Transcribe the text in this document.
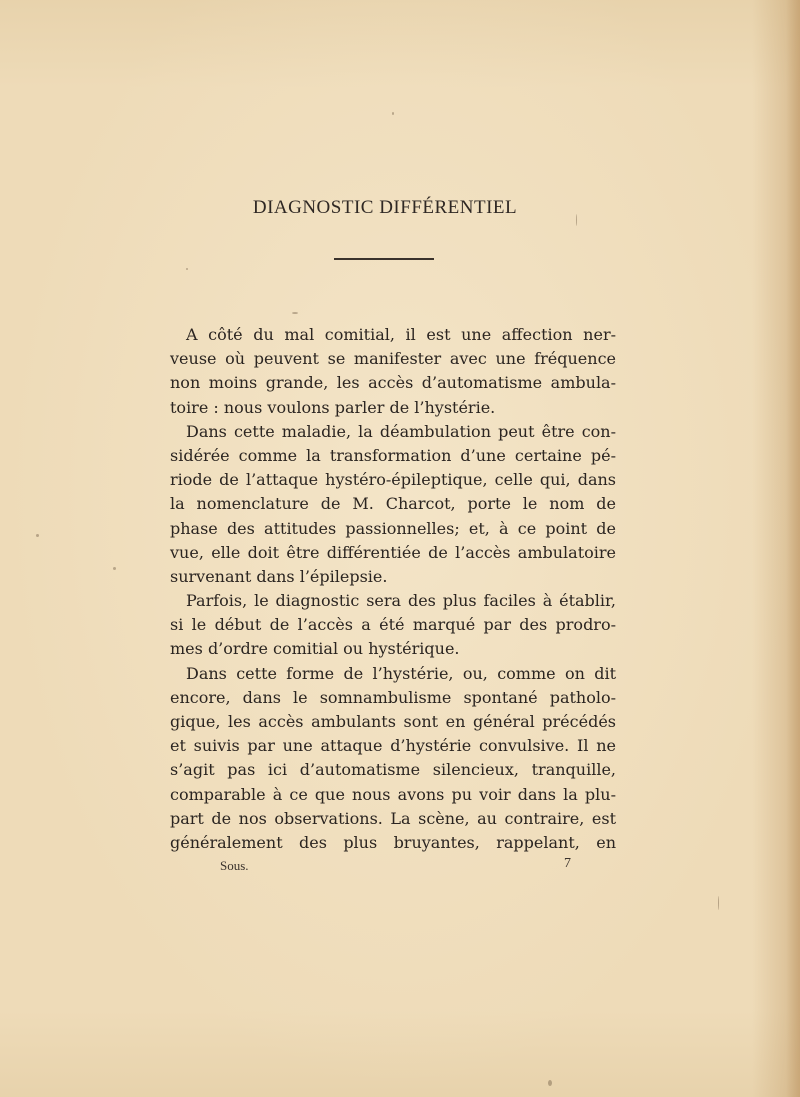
DIAGNOSTIC DIFFÉRENTIEL
A côté du mal comitial, il est une affection ner-
veuse où peuvent se manifester avec une fréquence
non moins grande, les accès d’automatisme ambula-
toire : nous voulons parler de l’hystérie.
Dans cette maladie, la déambulation peut être con-
sidérée comme la transformation d’une certaine pé-
riode de l’attaque hystéro-épileptique, celle qui, dans
la nomenclature de M. Charcot, porte le nom de
phase des attitudes passionnelles; et, à ce point de
vue, elle doit être différentiée de l’accès ambulatoire
survenant dans l’épilepsie.
Parfois, le diagnostic sera des plus faciles à établir,
si le début de l’accès a été marqué par des prodro-
mes d’ordre comitial ou hystérique.
Dans cette forme de l’hystérie, ou, comme on dit
encore, dans le somnambulisme spontané patholo-
gique, les accès ambulants sont en général précédés
et suivis par une attaque d’hystérie convulsive. Il ne
s’agit pas ici d’automatisme silencieux, tranquille,
comparable à ce que nous avons pu voir dans la plu-
part de nos observations. La scène, au contraire, est
généralement des plus bruyantes, rappelant, en
Sous.	7
